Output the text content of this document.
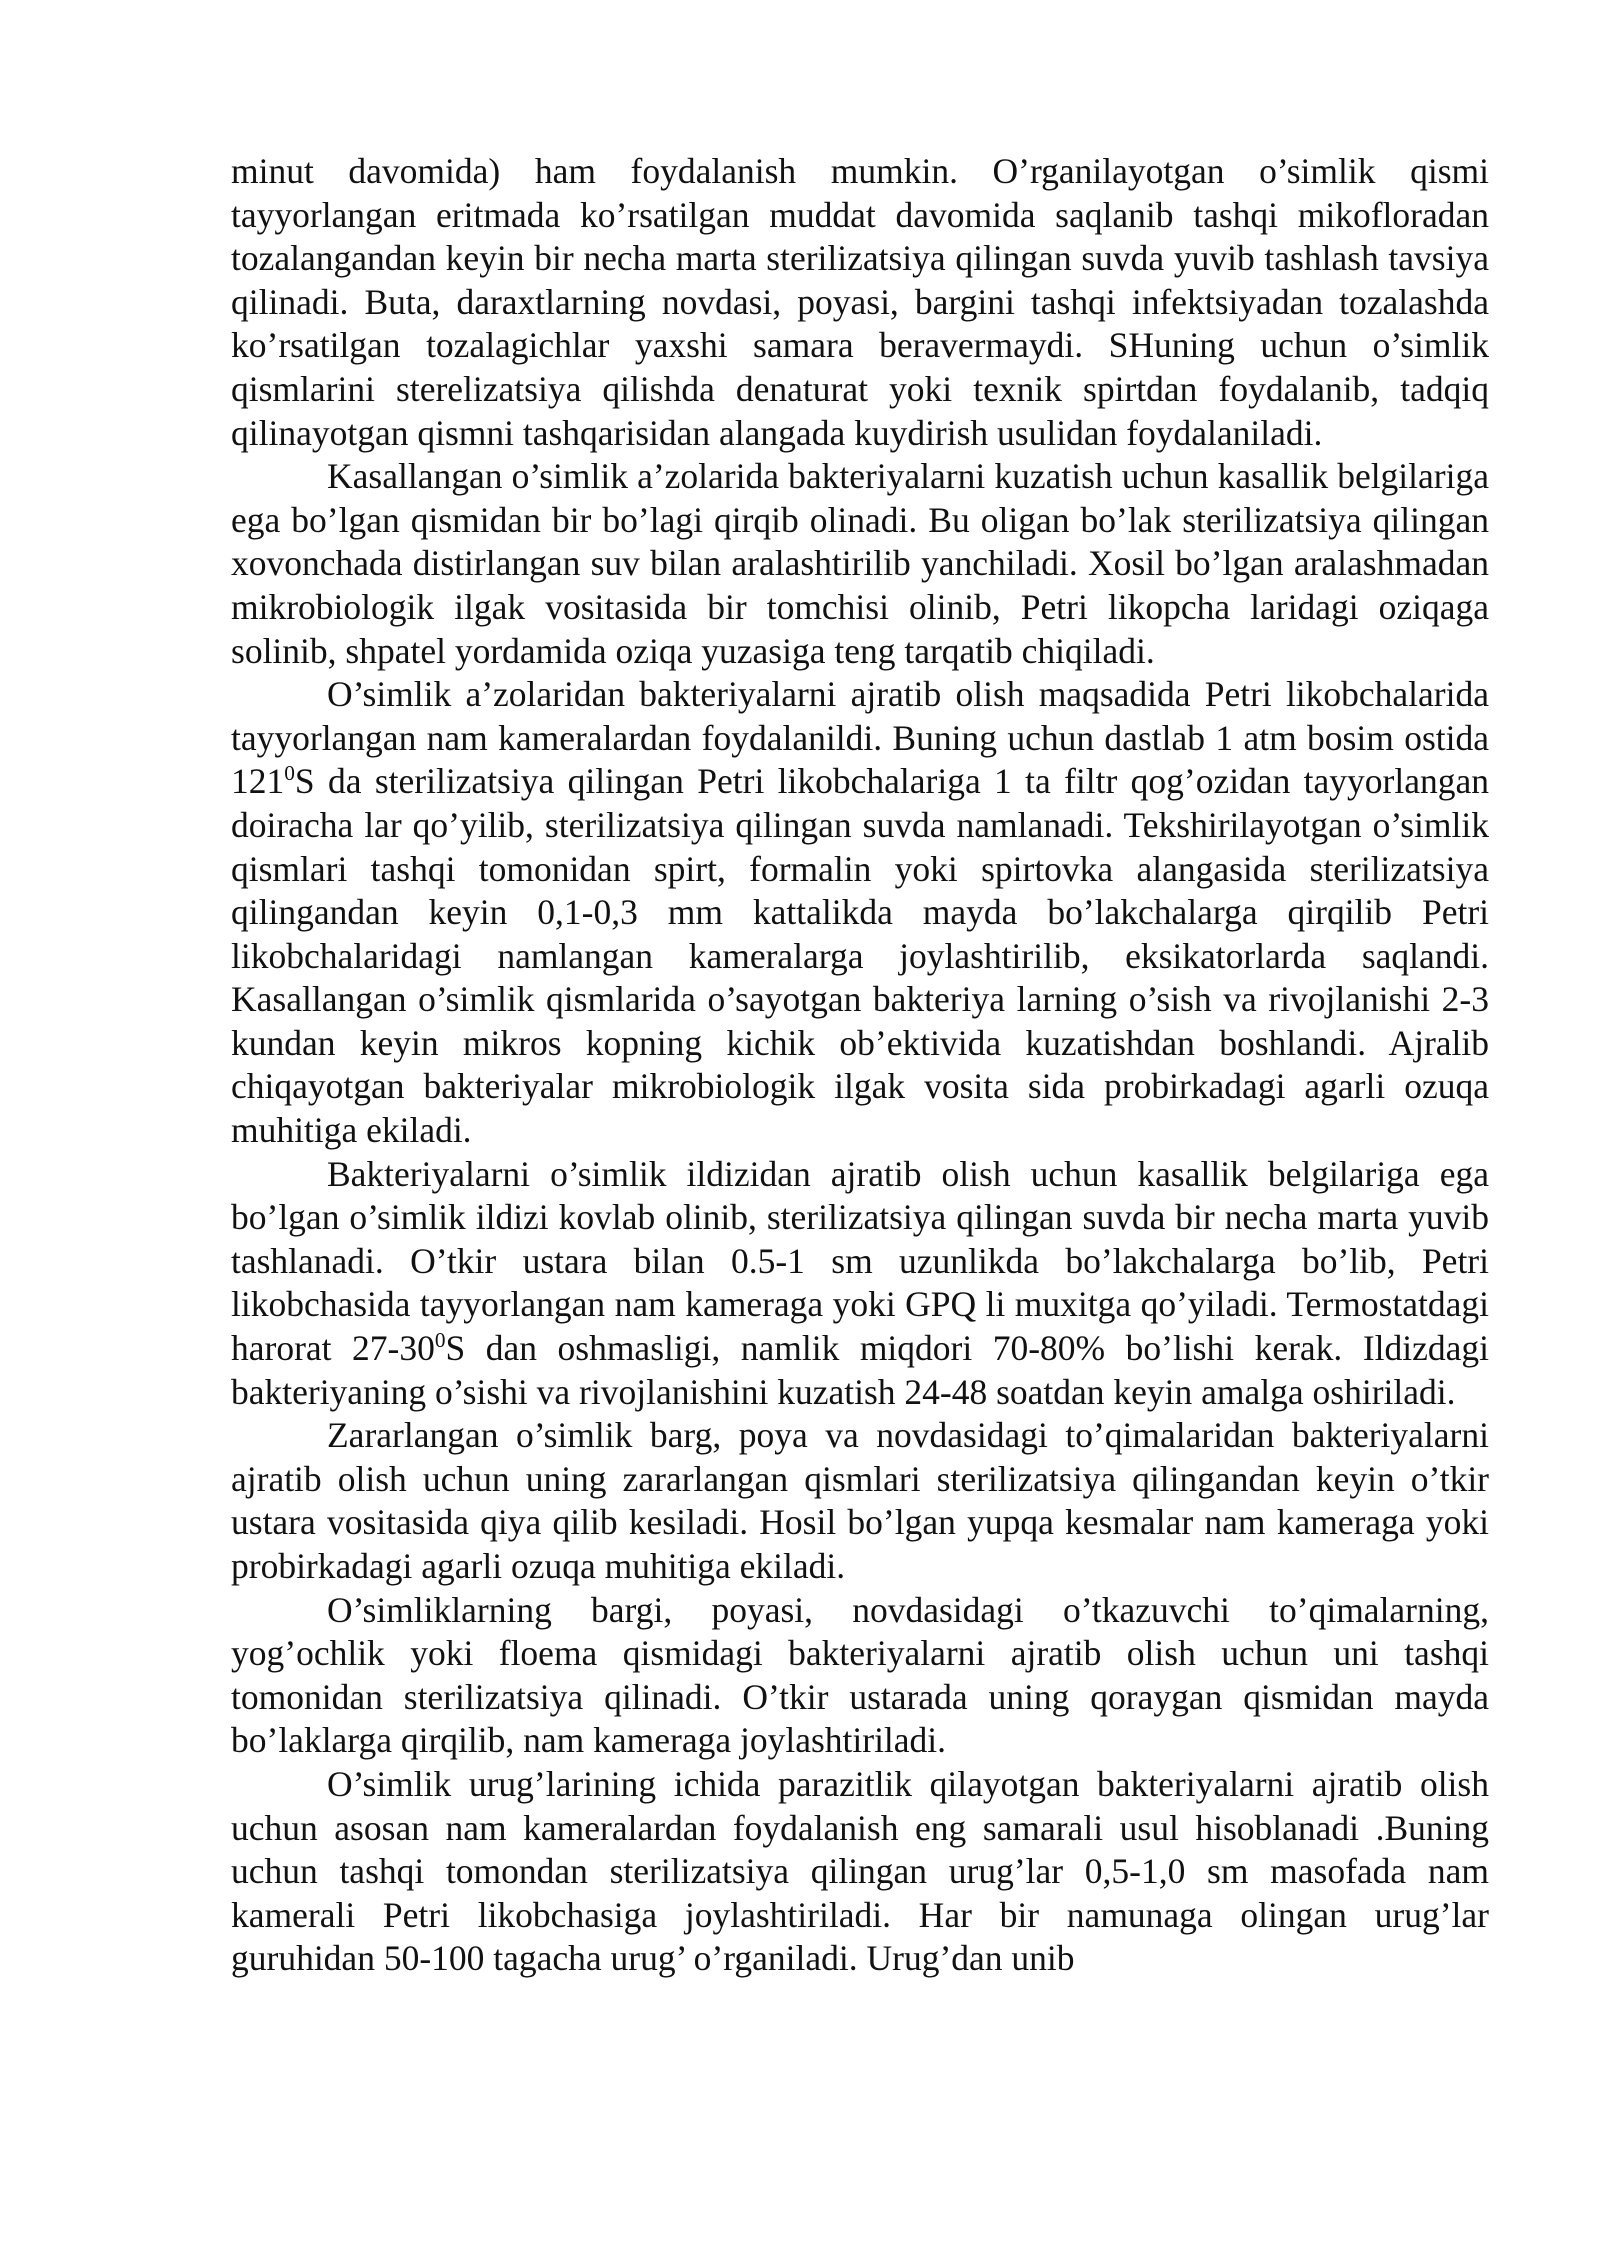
minut davomida) ham foydalanish mumkin. O’rganilayotgan o’simlik qismi tayyorlangan eritmada ko’rsatilgan muddat davomida saqlanib tashqi mikofloradan tozalangandan keyin bir necha marta sterilizatsiya qilingan suvda yuvib tashlash tavsiya qilinadi. Buta, daraxtlarning novdasi, poyasi, bargini tashqi infektsiyadan tozalashda ko’rsatilgan tozalagichlar yaxshi samara beravermaydi. SHuning uchun o’simlik qismlarini sterelizatsiya qilishda denaturat yoki texnik spirtdan foydalanib, tadqiq qilinayotgan qismni tashqarisidan alangada kuydirish usulidan foydalaniladi.

Kasallangan o’simlik a’zolarida bakteriyalarni kuzatish uchun kasallik belgilariga ega bo’lgan qismidan bir bo’lagi qirqib olinadi. Bu oligan bo’lak sterilizatsiya qilingan xovonchada distirlangan suv bilan aralashtirilib yanchiladi. Xosil bo’lgan aralashmadan mikrobiologik ilgak vositasida bir tomchisi olinib, Petri likopcha laridagi oziqaga solinib, shpatel yordamida oziqa yuzasiga teng tarqatib chiqiladi.

O’simlik a’zolaridan bakteriyalarni ajratib olish maqsadida Petri likobchalarida tayyorlangan nam kameralardan foydalanildi. Buning uchun dastlab 1 atm bosim ostida $121^0S$ da sterilizatsiya qilingan Petri likobchalariga 1 ta filtr qog’ozidan tayyorlangan doiracha lar qo’yilib, sterilizatsiya qilingan suvda namlanadi. Tekshirilayotgan o’simlik qismlari tashqi tomonidan spirt, formalin yoki spirtovka alangasida sterilizatsiya qilingandan keyin 0,1-0,3 mm kattalikda mayda bo’lakchalarga qirqilib Petri likobchalaridagi namlangan kameralarga joylashtirilib, eksikatorlarda saqlandi. Kasallangan o’simlik qismlarida o’sayotgan bakteriya larning o’sish va rivojlanishi 2-3 kundan keyin mikros kopning kichik ob’ektivida kuzatishdan boshlandi. Ajralib chiqayotgan bakteriyalar mikrobiologik ilgak vosita sida probirkadagi agarli ozuqa muhitiga ekiladi.

Bakteriyalarni o’simlik ildizidan ajratib olish uchun kasallik belgilariga ega bo’lgan o’simlik ildizi kovlab olinib, sterilizatsiya qilingan suvda bir necha marta yuvib tashlanadi. O’tkir ustara bilan 0.5-1 sm uzunlikda bo’lakchalarga bo’lib, Petri likobchasida tayyorlangan nam kameraga yoki GPQ li muxitga qo’yiladi. Termostatdagi harorat $27-30^0S$ dan oshmasligi, namlik miqdori 70-80% bo’lishi kerak. Ildizdagi bakteriyaning o’sishi va rivojlanishini kuzatish 24-48 soatdan keyin amalga oshiriladi.

Zararlangan o’simlik barg, poya va novdasidagi to’qimalaridan bakteriyalarni ajratib olish uchun uning zararlangan qismlari sterilizatsiya qilingandan keyin o’tkir ustara vositasida qiya qilib kesiladi. Hosil bo’lgan yupqa kesmalar nam kameraga yoki probirkadagi agarli ozuqa muhitiga ekiladi.

O’simliklarning bargi, poyasi, novdasidagi o’tkazuvchi to’qimalarning, yog’ochlik yoki floema qismidagi bakteriyalarni ajratib olish uchun uni tashqi tomonidan sterilizatsiya qilinadi. O’tkir ustarada uning qoraygan qismidan mayda bo’laklarga qirqilib, nam kameraga joylashtiriladi.

O’simlik urug’larining ichida parazitlik qilayotgan bakteriyalarni ajratib olish uchun asosan nam kameralardan foydalanish eng samarali usul hisoblanadi .Buning uchun tashqi tomondan sterilizatsiya qilingan urug’lar 0,5-1,0 sm masofada nam kamerali Petri likobchasiga joylashtiriladi. Har bir namunaga olingan urug’lar guruhidan 50-100 tagacha urug’ o’rganiladi. Urug’dan unib
